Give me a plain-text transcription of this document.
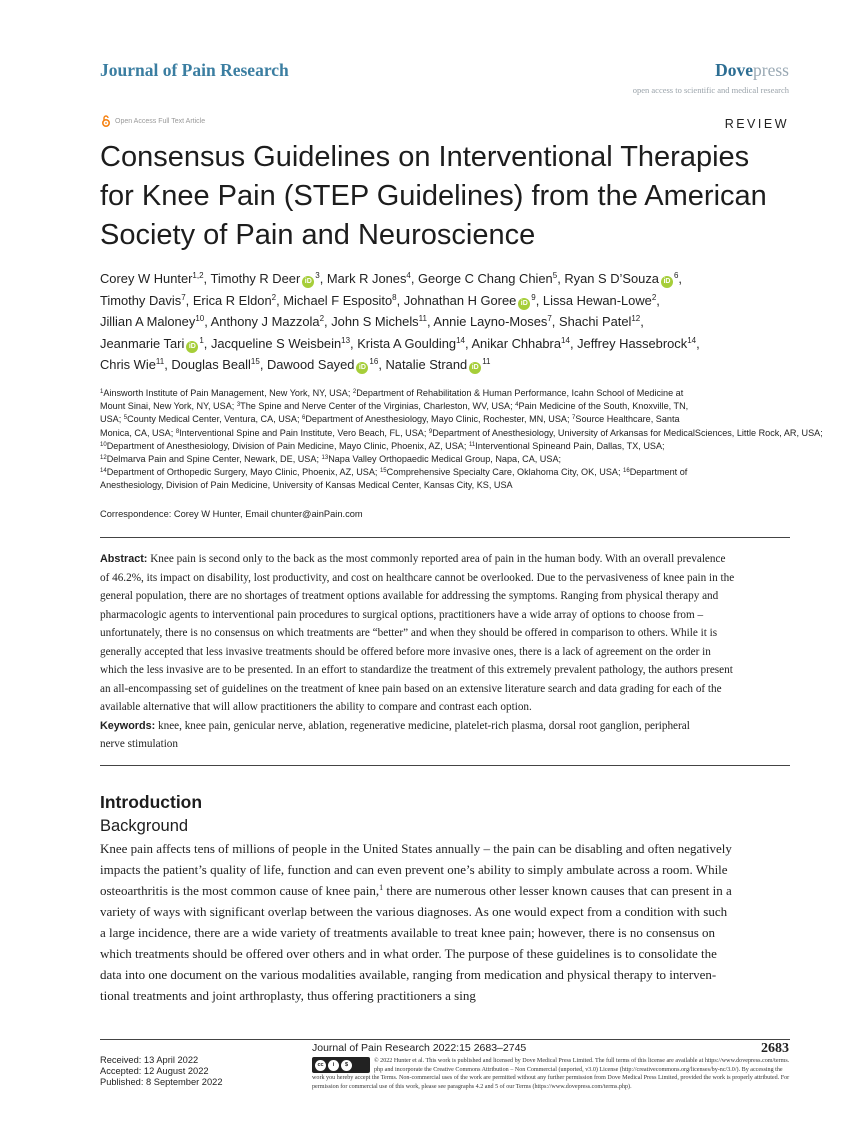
Journal of Pain Research	Dovepress
open access to scientific and medical research
Open Access Full Text Article	REVIEW
Consensus Guidelines on Interventional Therapies
for Knee Pain (STEP Guidelines) from the American
Society of Pain and Neuroscience
Corey W Hunter$^{1,2}$, Timothy R Deer $iD^3$, Mark R Jones$^4$, George C Chang Chien$^5$, Ryan S D’Souza $iD^6$,
Timothy Davis$^7$, Erica R Eldon$^2$, Michael F Esposito$^8$, Johnathan H Goree $iD^9$, Lissa Hewan-Lowe$^2$,
Jillian A Maloney$^{10}$, Anthony J Mazzola$^2$, John S Michels$^{11}$, Annie Layno-Moses$^7$, Shachi Patel$^{12}$,
Jeanmarie Tari $iD^1$, Jacqueline S Weisbein$^{13}$, Krista A Goulding$^{14}$, Anikar Chhabra$^{14}$, Jeffrey Hassebrock$^{14}$,
Chris Wie$^{11}$, Douglas Beall$^{15}$, Dawood Sayed $iD^{16}$, Natalie Strand $iD^{11}$
$^1$Ainsworth Institute of Pain Management, New York, NY, USA; $^2$Department of Rehabilitation & Human Performance, Icahn School of Medicine at
Mount Sinai, New York, NY, USA; $^3$The Spine and Nerve Center of the Virginias, Charleston, WV, USA; $^4$Pain Medicine of the South, Knoxville, TN,
USA; $^5$County Medical Center, Ventura, CA, USA; $^6$Department of Anesthesiology, Mayo Clinic, Rochester, MN, USA; $^7$Source Healthcare, Santa
Monica, CA, USA; $^8$Interventional Spine and Pain Institute, Vero Beach, FL, USA; $^9$Department of Anesthesiology, University of Arkansas for MedicalSciences, Little Rock, AR, USA;
$^{10}$Department of Anesthesiology, Division of Pain Medicine, Mayo Clinic, Phoenix, AZ, USA; $^{11}$Interventional Spineand Pain, Dallas, TX, USA;
$^{12}$Delmarva Pain and Spine Center, Newark, DE, USA; $^{13}$Napa Valley Orthopaedic Medical Group, Napa, CA, USA;
$^{14}$Department of Orthopedic Surgery, Mayo Clinic, Phoenix, AZ, USA; $^{15}$Comprehensive Specialty Care, Oklahoma City, OK, USA; $^{16}$Department of
Anesthesiology, Division of Pain Medicine, University of Kansas Medical Center, Kansas City, KS, USA
Correspondence: Corey W Hunter, Email chunter@ainPain.com
Abstract: Knee pain is second only to the back as the most commonly reported area of pain in the human body. With an overall prevalence
of 46.2%, its impact on disability, lost productivity, and cost on healthcare cannot be overlooked. Due to the pervasiveness of knee pain in the
general population, there are no shortages of treatment options available for addressing the symptoms. Ranging from physical therapy and
pharmacologic agents to interventional pain procedures to surgical options, practitioners have a wide array of options to choose from –
unfortunately, there is no consensus on which treatments are “better” and when they should be offered in comparison to others. While it is
generally accepted that less invasive treatments should be offered before more invasive ones, there is a lack of agreement on the order in
which the less invasive are to be presented. In an effort to standardize the treatment of this extremely prevalent pathology, the authors present
an all-encompassing set of guidelines on the treatment of knee pain based on an extensive literature search and data grading for each of the
available alternative that will allow practitioners the ability to compare and contrast each option.
Keywords: knee, knee pain, genicular nerve, ablation, regenerative medicine, platelet-rich plasma, dorsal root ganglion, peripheral
nerve stimulation
Introduction
Background
Knee pain affects tens of millions of people in the United States annually – the pain can be disabling and often negatively
impacts the patient’s quality of life, function and can even prevent one’s ability to simply ambulate across a room. While
osteoarthritis is the most common cause of knee pain,$^1$ there are numerous other lesser known causes that can present in a
variety of ways with significant overlap between the various diagnoses. As one would expect from a condition with such
a large incidence, there are a wide variety of treatments available to treat knee pain; however, there is no consensus on
which treatments should be offered over others and in what order. The purpose of these guidelines is to consolidate the
data into one document on the various modalities available, ranging from medication and physical therapy to interven-
tional treatments and joint arthroplasty, thus offering practitioners a sing
Received: 13 April 2022
Accepted: 12 August 2022
Published: 8 September 2022
Journal of Pain Research 2022:15 2683–2745	2683
cc	i	$
© 2022 Hunter et al. This work is published and licensed by Dove Medical Press Limited. The full terms of this license are available at https://www.dovepress.com/terms.
php and incorporate the Creative Commons Attribution – Non Commercial (unported, v3.0) License (http://creativecommons.org/licenses/by-nc/3.0/). By accessing the
work you hereby accept the Terms. Non-commercial uses of the work are permitted without any further permission from Dove Medical Press Limited, provided the work is properly attributed. For
permission for commercial use of this work, please see paragraphs 4.2 and 5 of our Terms (https://www.dovepress.com/terms.php).
